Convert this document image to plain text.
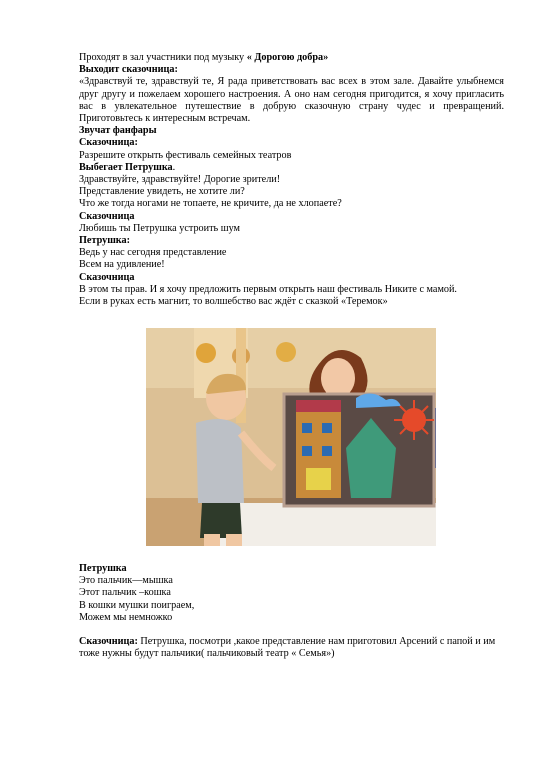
Проходят в зал участники под музыку « Дорогою добра»

Выходит сказочница:

«Здравствуй те, здравствуй те, Я рада приветствовать вас всех в этом зале. Давайте улыбнемся друг другу и пожелаем хорошего настроения. А оно нам сегодня пригодится, я хочу пригласить вас в увлекательное путешествие в добрую сказочную страну чудес и превращений. Приготовьтесь к интересным встречам.

Звучат фанфары

Сказочница:

Разрешите открыть фестиваль семейных театров

Выбегает Петрушка.

Здравствуйте, здравствуйте! Дорогие зрители!

Представление увидеть, не хотите ли?

Что же тогда ногами не топаете, не кричите, да не хлопаете?

Сказочница

Любишь ты Петрушка устроить шум

Петрушка:

Ведь у нас сегодня представление

Всем на удивление!

Сказочница

В этом ты прав. И я хочу предложить первым открыть наш фестиваль Никите с мамой.

Если в руках есть магнит, то волшебство вас ждёт с сказкой «Теремок»

Петрушка

Это пальчик—мышка

Этот пальчик –кошка

В кошки мушки поиграем,

Можем мы немножко

Сказочница: Петрушка, посмотри ,какое представление нам приготовил Арсений с папой и им тоже нужны будут пальчики( пальчиковый театр « Семья»)
